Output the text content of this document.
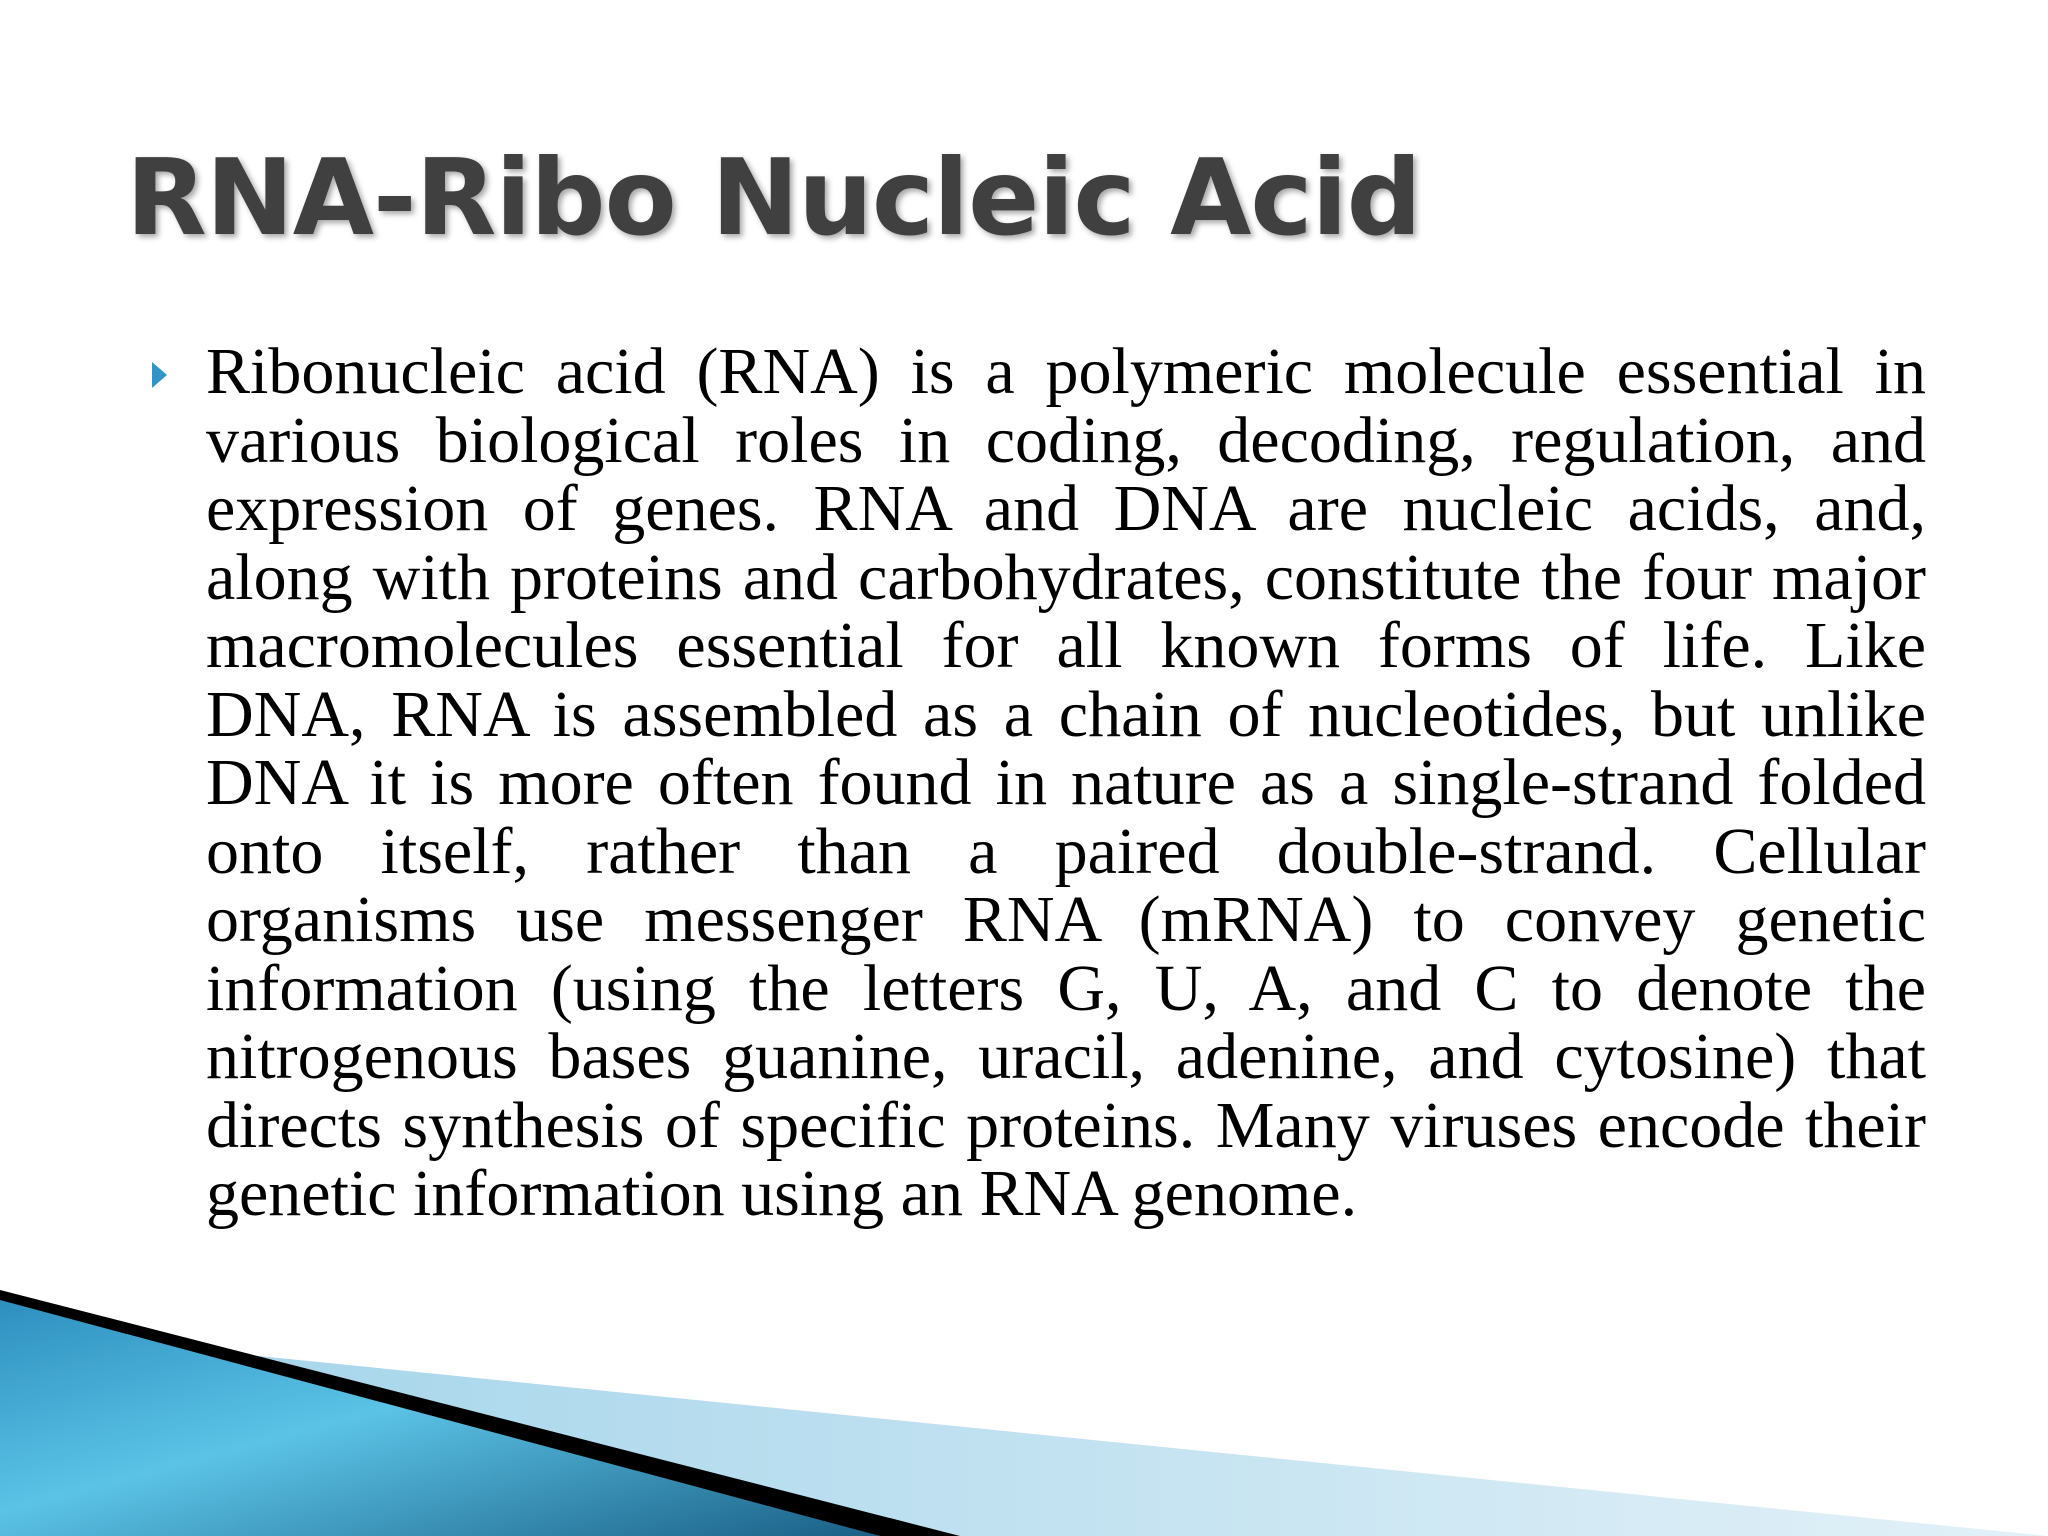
RNA-Ribo Nucleic Acid

Ribonucleic acid (RNA) is a polymeric molecule essential in various biological roles in coding, decoding, regulation, and expression of genes. RNA and DNA are nucleic acids, and, along with proteins and carbohydrates, constitute the four major macromolecules essential for all known forms of life. Like DNA, RNA is assembled as a chain of nucleotides, but unlike DNA it is more often found in nature as a single-strand folded onto itself, rather than a paired double-strand. Cellular organisms use messenger RNA (mRNA) to convey genetic information (using the letters G, U, A, and C to denote the nitrogenous bases guanine, uracil, adenine, and cytosine) that directs synthesis of specific proteins. Many viruses encode their genetic information using an RNA genome.
